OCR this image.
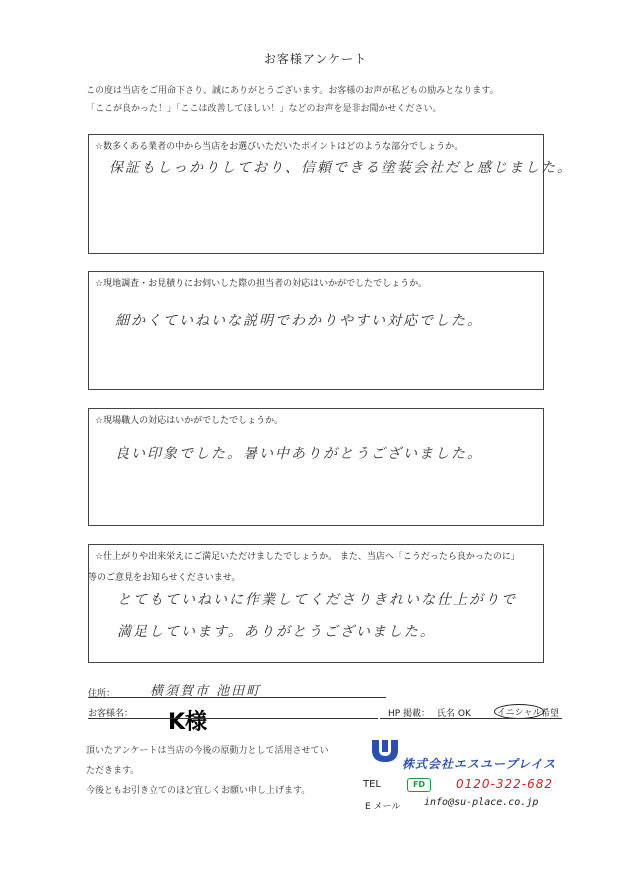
お客様アンケート
この度は当店をご用命下さり、誠にありがとうございます。お客様のお声が私どもの励みとなります。
「ここが良かった！」「ここは改善してほしい！」などのお声を是非お聞かせください。
☆数多くある業者の中から当店をお選びいただいたポイントはどのような部分でしょうか。
保証もしっかりしており、信頼できる塗装会社だと感じました。
☆現地調査・お見積りにお伺いした際の担当者の対応はいかがでしたでしょうか。
細かくていねいな説明でわかりやすい対応でした。
☆現場職人の対応はいかがでしたでしょうか。
良い印象でした。暑い中ありがとうございました。
☆仕上がりや出来栄えにご満足いただけましたでしょうか。 また、当店へ「こうだったら良かったのに」
等のご意見をお知らせくださいませ。
とてもていねいに作業してくださりきれいな仕上がりで
満足しています。ありがとうございました。
住所：	横須賀市 池田町
お客様名： K様	HP 掲載： 氏名 OK	イニシャル 希望
頂いたアンケートは当店の今後の原動力として活用させてい
ただきます。
今後ともお引き立てのほど宜しくお願い申し上げます。
株式会社エスユープレイス
TEL	FD	0120-322-682
E メール info@su-place.co.jp
